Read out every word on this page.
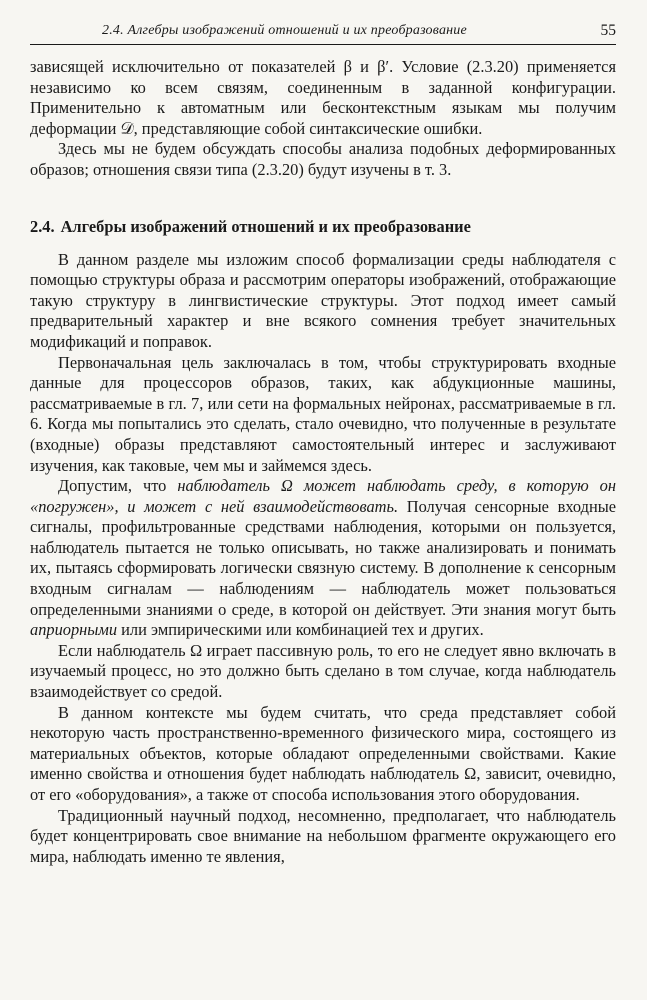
2.4. Алгебры изображений отношений и их преобразование	55

зависящей исключительно от показателей β и β′. Условие (2.3.20) применяется независимо ко всем связям, соединенным в заданной конфигурации. Применительно к автоматным или бесконтекстным языкам мы получим деформации 𝒟, представляющие собой синтаксические ошибки.

Здесь мы не будем обсуждать способы анализа подобных деформированных образов; отношения связи типа (2.3.20) будут изучены в т. 3.

2.4. Алгебры изображений отношений и их преобразование

В данном разделе мы изложим способ формализации среды наблюдателя с помощью структуры образа и рассмотрим операторы изображений, отображающие такую структуру в лингвистические структуры. Этот подход имеет самый предварительный характер и вне всякого сомнения требует значительных модификаций и поправок.

Первоначальная цель заключалась в том, чтобы структурировать входные данные для процессоров образов, таких, как абдукционные машины, рассматриваемые в гл. 7, или сети на формальных нейронах, рассматриваемые в гл. 6. Когда мы попытались это сделать, стало очевидно, что полученные в результате (входные) образы представляют самостоятельный интерес и заслуживают изучения, как таковые, чем мы и займемся здесь.

Допустим, что наблюдатель Ω может наблюдать среду, в которую он «погружен», и может с ней взаимодействовать. Получая сенсорные входные сигналы, профильтрованные средствами наблюдения, которыми он пользуется, наблюдатель пытается не только описывать, но также анализировать и понимать их, пытаясь сформировать логически связную систему. В дополнение к сенсорным входным сигналам — наблюдениям — наблюдатель может пользоваться определенными знаниями о среде, в которой он действует. Эти знания могут быть априорными или эмпирическими или комбинацией тех и других.

Если наблюдатель Ω играет пассивную роль, то его не следует явно включать в изучаемый процесс, но это должно быть сделано в том случае, когда наблюдатель взаимодействует со средой.

В данном контексте мы будем считать, что среда представляет собой некоторую часть пространственно-временного физического мира, состоящего из материальных объектов, которые обладают определенными свойствами. Какие именно свойства и отношения будет наблюдать наблюдатель Ω, зависит, очевидно, от его «оборудования», а также от способа использования этого оборудования.

Традиционный научный подход, несомненно, предполагает, что наблюдатель будет концентрировать свое внимание на небольшом фрагменте окружающего его мира, наблюдать именно те явления,
